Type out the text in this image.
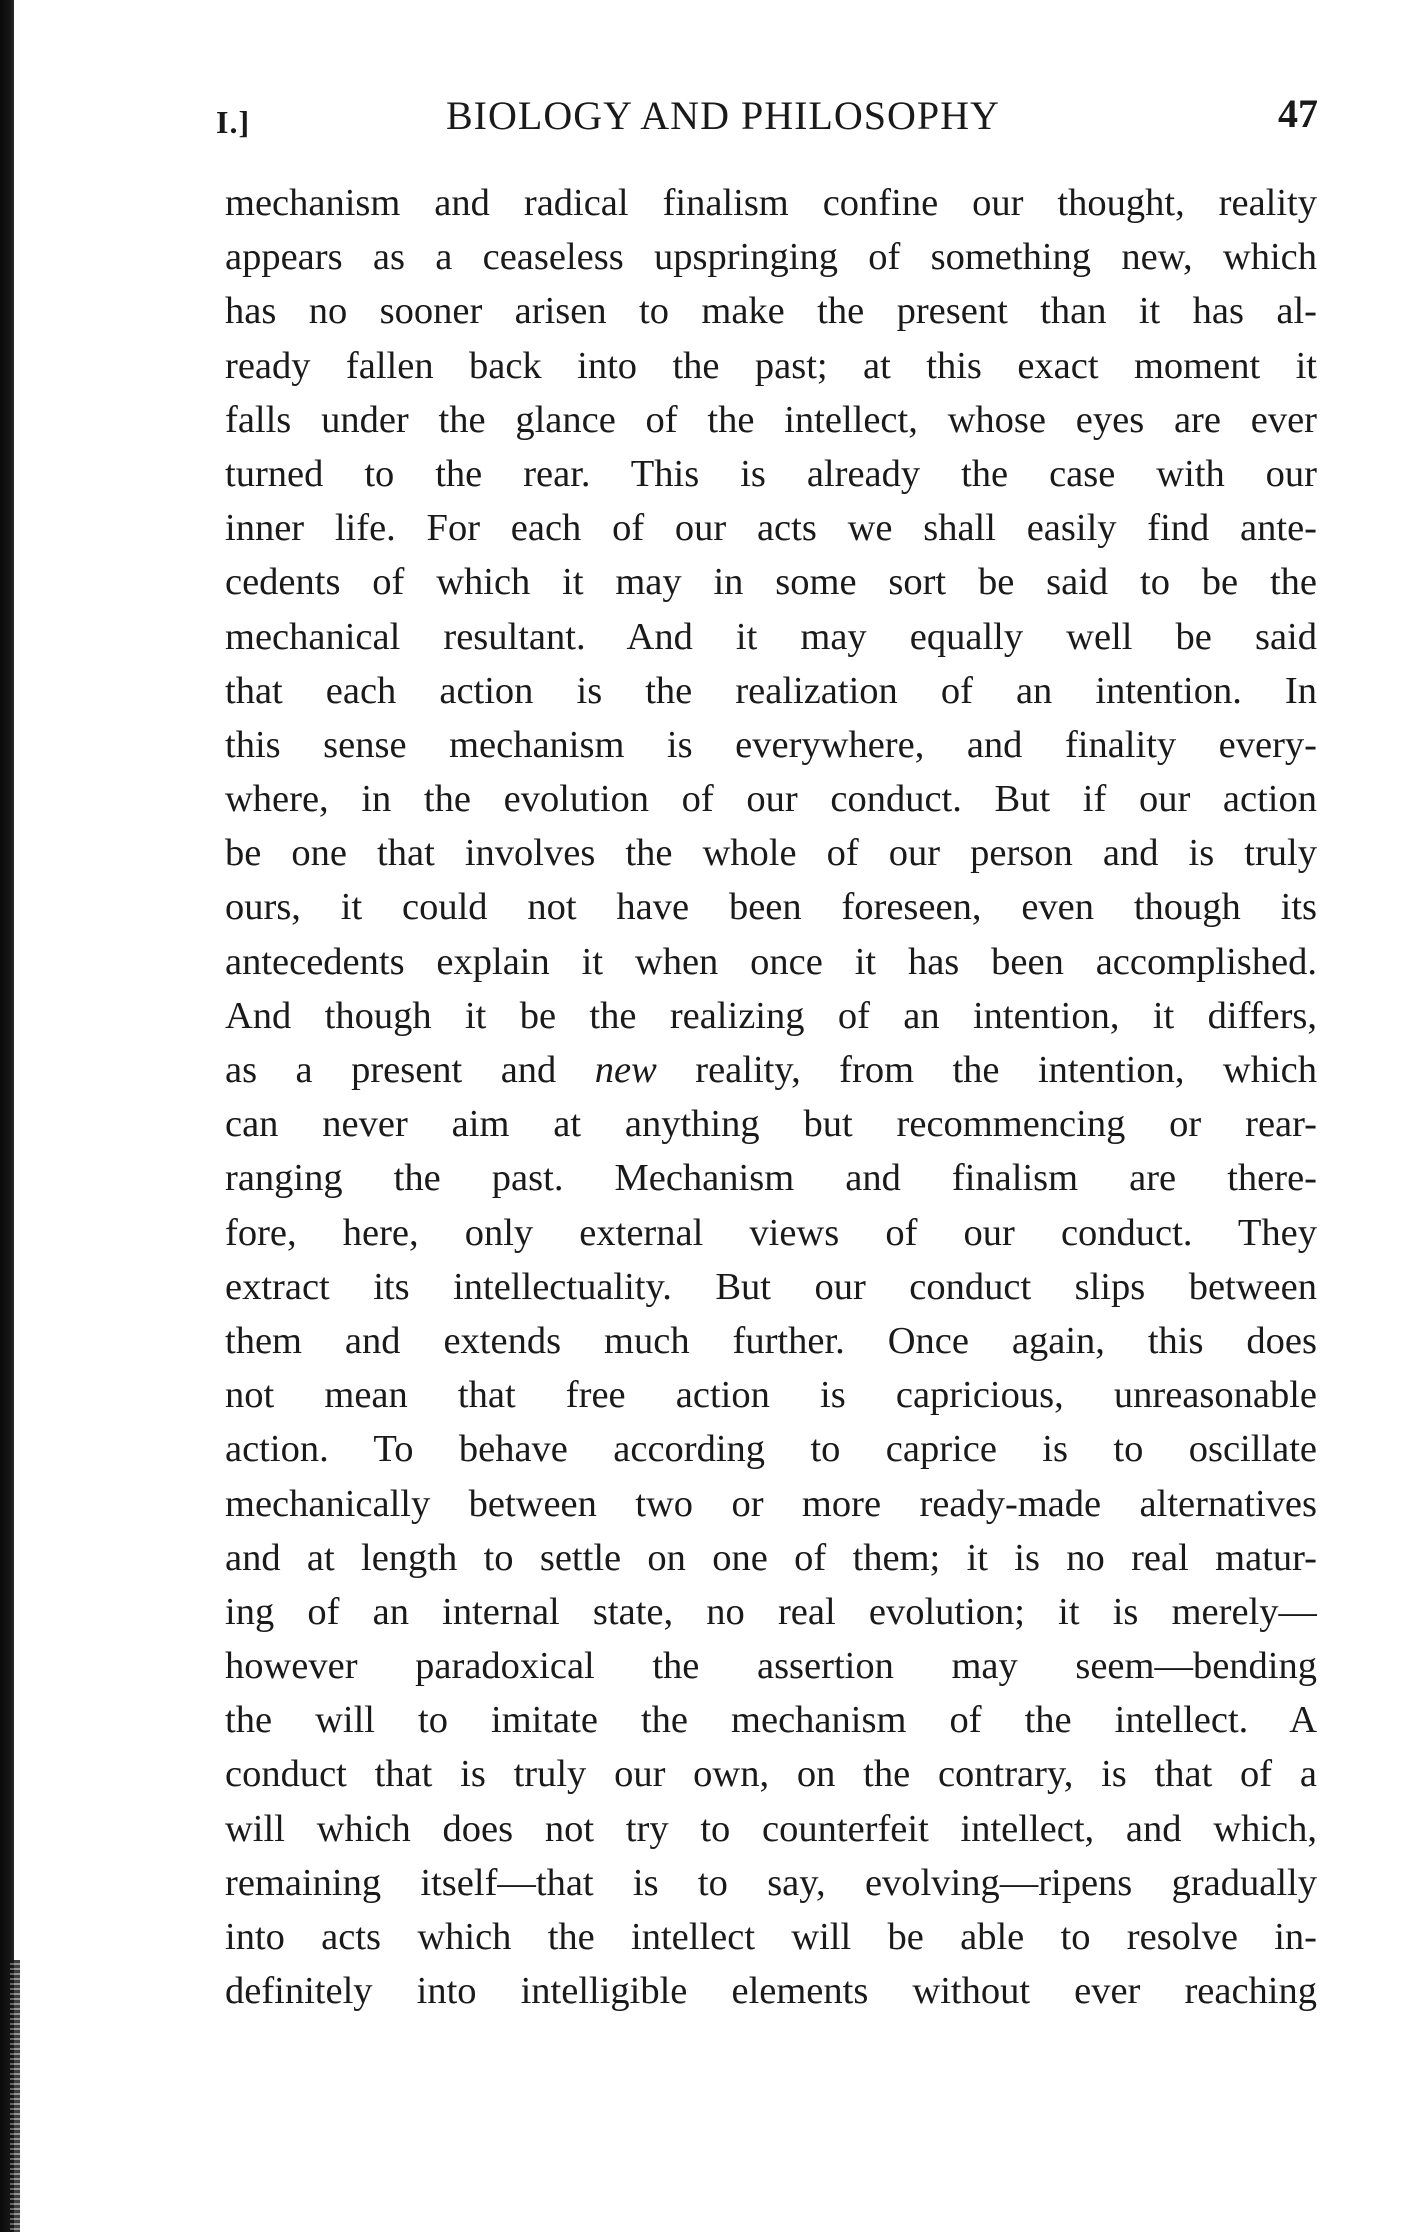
I.]	BIOLOGY AND PHILOSOPHY	47
mechanism and radical finalism confine our thought, reality
appears as a ceaseless upspringing of something new, which
has no sooner arisen to make the present than it has al-
ready fallen back into the past; at this exact moment it
falls under the glance of the intellect, whose eyes are ever
turned to the rear. This is already the case with our
inner life. For each of our acts we shall easily find ante-
cedents of which it may in some sort be said to be the
mechanical resultant. And it may equally well be said
that each action is the realization of an intention. In
this sense mechanism is everywhere, and finality every-
where, in the evolution of our conduct. But if our action
be one that involves the whole of our person and is truly
ours, it could not have been foreseen, even though its
antecedents explain it when once it has been accomplished.
And though it be the realizing of an intention, it differs,
as a present and new reality, from the intention, which
can never aim at anything but recommencing or rear-
ranging the past. Mechanism and finalism are there-
fore, here, only external views of our conduct. They
extract its intellectuality. But our conduct slips between
them and extends much further. Once again, this does
not mean that free action is capricious, unreasonable
action. To behave according to caprice is to oscillate
mechanically between two or more ready-made alternatives
and at length to settle on one of them; it is no real matur-
ing of an internal state, no real evolution; it is merely—
however paradoxical the assertion may seem—bending
the will to imitate the mechanism of the intellect. A
conduct that is truly our own, on the contrary, is that of a
will which does not try to counterfeit intellect, and which,
remaining itself—that is to say, evolving—ripens gradually
into acts which the intellect will be able to resolve in-
definitely into intelligible elements without ever reaching
